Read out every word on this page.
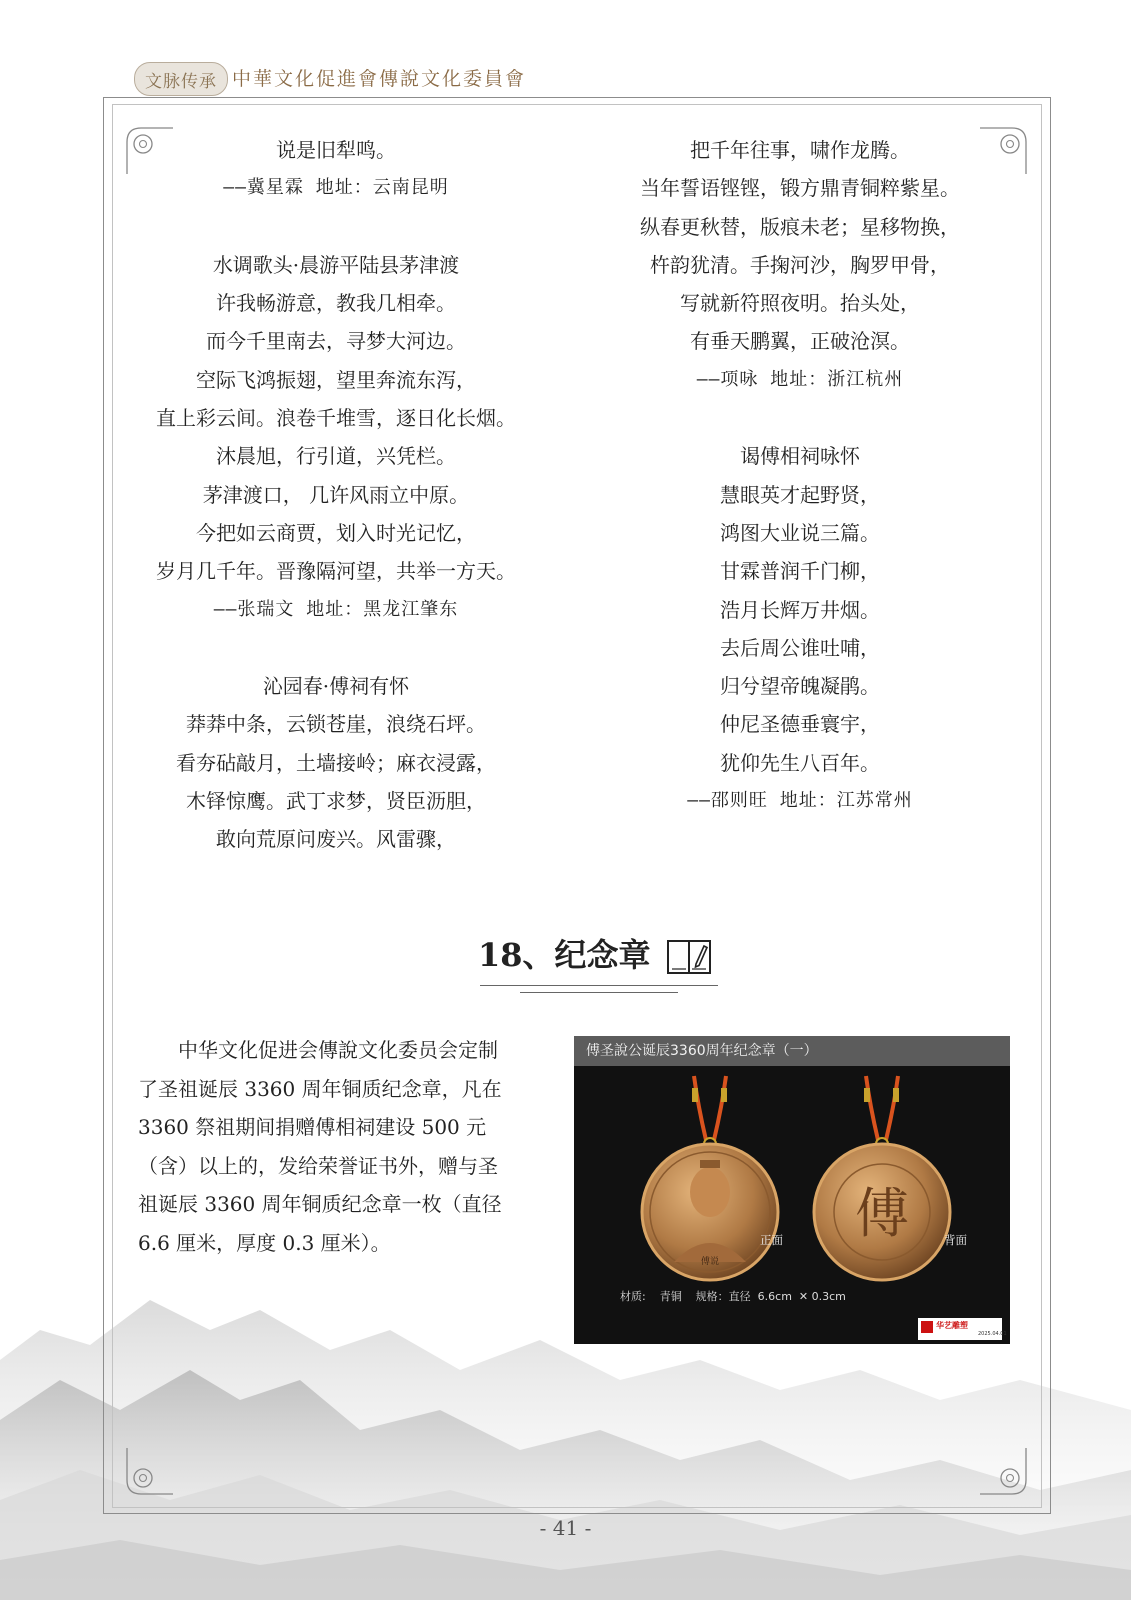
文脉传承 中華文化促進會傳說文化委員會
说是旧犁鸣。
——冀星霖 地址：云南昆明
水调歌头·晨游平陆县茅津渡
许我畅游意，教我几相牵。
而今千里南去，寻梦大河边。
空际飞鸿振翅，望里奔流东泻，
直上彩云间。浪卷千堆雪，逐日化长烟。
沐晨旭，行引道，兴凭栏。
茅津渡口， 几许风雨立中原。
今把如云商贾，划入时光记忆，
岁月几千年。晋豫隔河望，共举一方天。
——张瑞文 地址：黑龙江肇东
沁园春·傅祠有怀
莽莽中条，云锁苍崖，浪绕石坪。
看夯砧敲月，土墙接岭；麻衣浸露，
木铎惊鹰。武丁求梦，贤臣沥胆，
敢向荒原问废兴。风雷骤，
把千年往事，啸作龙腾。
当年誓语铿铿，锻方鼎青铜粹紫星。
纵春更秋替，版痕未老；星移物换，
杵韵犹清。手掬河沙，胸罗甲骨，
写就新符照夜明。抬头处，
有垂天鹏翼，正破沧溟。
——项咏 地址：浙江杭州
谒傅相祠咏怀
慧眼英才起野贤，
鸿图大业说三篇。
甘霖普润千门柳，
浩月长辉万井烟。
去后周公谁吐哺，
归兮望帝魄凝鹃。
仲尼圣德垂寰宇，
犹仰先生八百年。
——邵则旺 地址：江苏常州
18、纪念章
中华文化促进会傳說文化委员会定制
了圣祖诞辰 3360 周年铜质纪念章，凡在
3360 祭祖期间捐赠傅相祠建设 500 元
（含）以上的，发给荣誉证书外，赠与圣
祖诞辰 3360 周年铜质纪念章一枚（直径
6.6 厘米，厚度 0.3 厘米）。
傅圣說公诞辰3360周年纪念章（一）
傅说
傅
正面	背面
材质:    青铜    规格：直径  6.6cm  ✕ 0.3cm
华艺雕塑
2025.04.01
- 41 -
